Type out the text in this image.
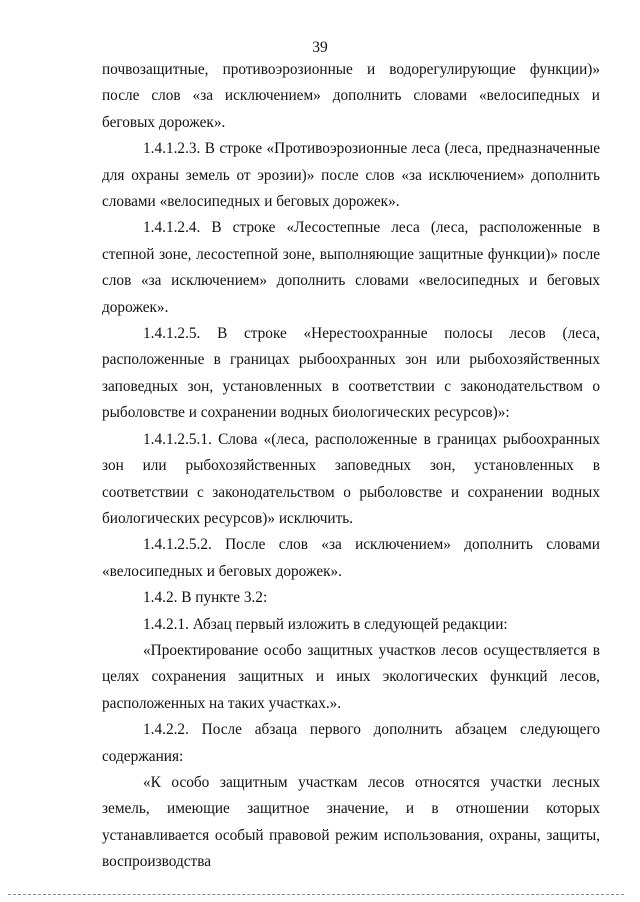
39

почвозащитные, противоэрозионные и водорегулирующие функции)» после слов «за исключением» дополнить словами «велосипедных и беговых дорожек».

1.4.1.2.3. В строке «Противоэрозионные леса (леса, предназначенные для охраны земель от эрозии)» после слов «за исключением» дополнить словами «велосипедных и беговых дорожек».

1.4.1.2.4. В строке «Лесостепные леса (леса, расположенные в степной зоне, лесостепной зоне, выполняющие защитные функции)» после слов «за исключением» дополнить словами «велосипедных и беговых дорожек».

1.4.1.2.5. В строке «Нерестоохранные полосы лесов (леса, расположенные в границах рыбоохранных зон или рыбохозяйственных заповедных зон, установленных в соответствии с законодательством о рыболовстве и сохранении водных биологических ресурсов)»:

1.4.1.2.5.1. Слова «(леса, расположенные в границах рыбоохранных зон или рыбохозяйственных заповедных зон, установленных в соответствии с законодательством о рыболовстве и сохранении водных биологических ресурсов)» исключить.

1.4.1.2.5.2. После слов «за исключением» дополнить словами «велосипедных и беговых дорожек».

1.4.2. В пункте 3.2:

1.4.2.1. Абзац первый изложить в следующей редакции:

«Проектирование особо защитных участков лесов осуществляется в целях сохранения защитных и иных экологических функций лесов, расположенных на таких участках.».

1.4.2.2. После абзаца первого дополнить абзацем следующего содержания:

«К особо защитным участкам лесов относятся участки лесных земель, имеющие защитное значение, и в отношении которых устанавливается особый правовой режим использования, охраны, защиты, воспроизводства
